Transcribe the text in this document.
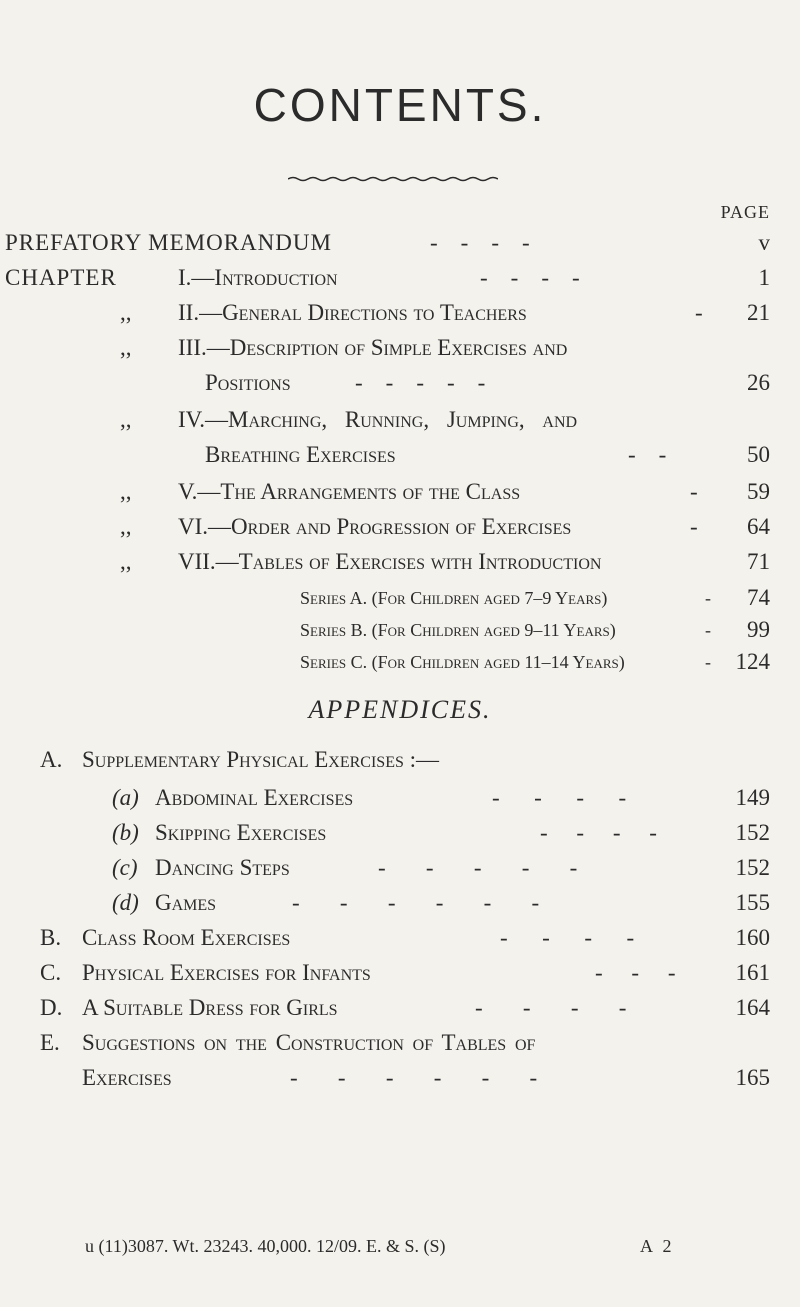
CONTENTS.
PAGE
PREFATORY MEMORANDUM	-    -    -    -	v
CHAPTER	I.—Introduction	-    -    -    -	1
,, II.—General Directions to Teachers	-	21
,, III.—Description of Simple Exercises and
Positions	-    -    -    -    -	26
,, IV.—Marching, Running, Jumping, and
Breathing Exercises	-    -	50
,, V.—The Arrangements of the Class	-	59
,, VI.—Order and Progression of Exercises	-	64
,, VII.—Tables of Exercises with Introduction	71
Series A. (For Children aged 7–9 Years)	-	74
Series B. (For Children aged 9–11 Years)	-	99
Series C. (For Children aged 11–14 Years)	-	124
APPENDICES.
A. Supplementary Physical Exercises :—
(a) Abdominal Exercises	-      -      -      -	149
(b) Skipping Exercises	-     -     -     -	152
(c) Dancing Steps	-       -       -       -       -	152
(d) Games	-       -       -       -       -       -	155
B. Class Room Exercises	-      -      -      -	160
C. Physical Exercises for Infants	-     -     -	161
D. A Suitable Dress for Girls	-       -       -       -	164
E. Suggestions on the Construction of Tables of
Exercises	-       -       -       -       -       -	165
u (11)3087. Wt. 23243. 40,000. 12/09. E. & S. (S)	A 2
